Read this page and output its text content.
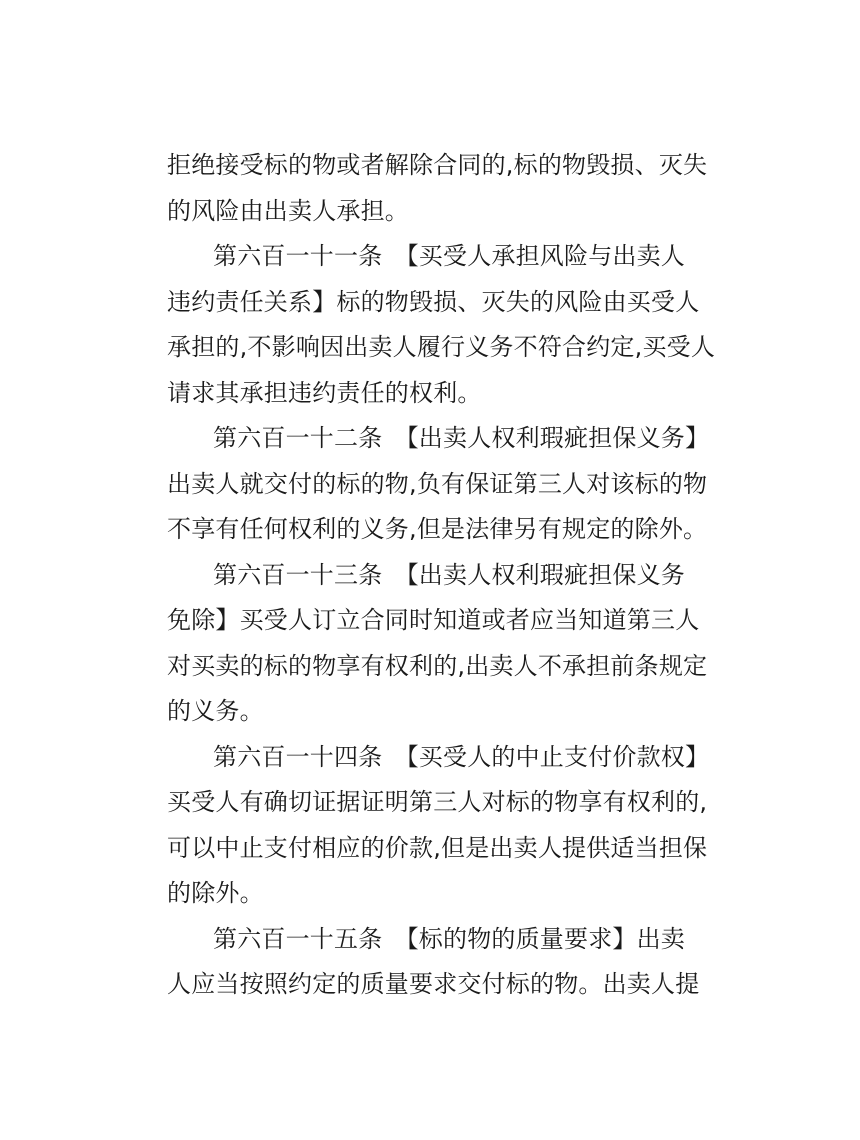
拒绝接受标的物或者解除合同的,标的物毁损、灭失
的风险由出卖人承担。
第六百一十一条　【买受人承担风险与出卖人
违约责任关系】标的物毁损、灭失的风险由买受人
承担的,不影响因出卖人履行义务不符合约定,买受人
请求其承担违约责任的权利。
第六百一十二条　【出卖人权利瑕疵担保义务】
出卖人就交付的标的物,负有保证第三人对该标的物
不享有任何权利的义务,但是法律另有规定的除外。
第六百一十三条　【出卖人权利瑕疵担保义务
免除】买受人订立合同时知道或者应当知道第三人
对买卖的标的物享有权利的,出卖人不承担前条规定
的义务。
第六百一十四条　【买受人的中止支付价款权】
买受人有确切证据证明第三人对标的物享有权利的,
可以中止支付相应的价款,但是出卖人提供适当担保
的除外。
第六百一十五条　【标的物的质量要求】出卖
人应当按照约定的质量要求交付标的物。出卖人提
